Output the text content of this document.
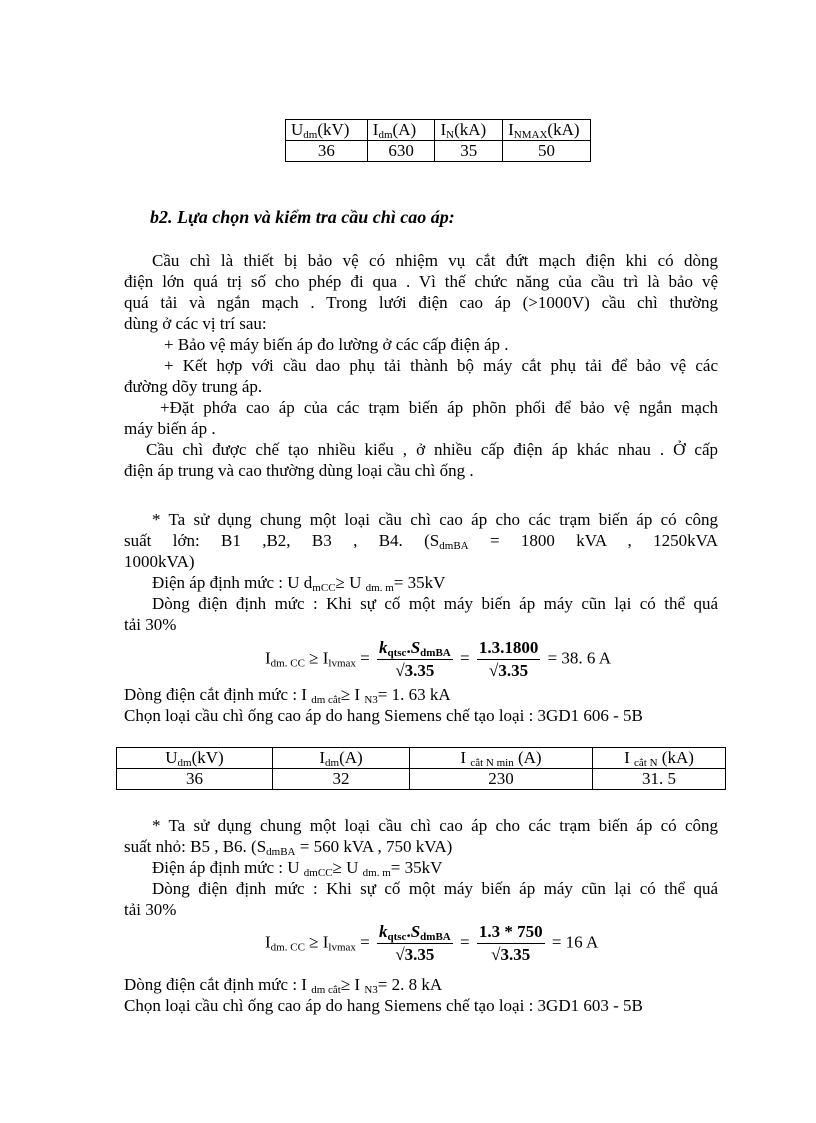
$U_{dm}(kV)$	$I_{dm}(A)$	$I_N(kA)$	$I_{NMAX}(kA)$
36	630	35	50
b2. Lựa chọn và kiểm tra cầu chì cao áp:
Cầu chì là thiết bị bảo vệ có nhiệm vụ cắt đứt mạch điện khi có dòng
điện lớn quá trị số cho phép đi qua . Vì thế chức năng của cầu trì là bảo vệ
quá tải và ngắn mạch . Trong lưới điện cao áp (>1000V) cầu chì thường
dùng ở các vị trí sau:
+ Bảo vệ máy biến áp đo lường ở các cấp điện áp .
+ Kết hợp với cầu dao phụ tải thành bộ máy cắt phụ tải để bảo vệ các
đường dõy trung áp.
+Đặt phớa cao áp của các trạm biến áp phõn phối để bảo vệ ngắn mạch
máy biến áp .
Cầu chì được chế tạo nhiều kiểu , ở nhiều cấp điện áp khác nhau . Ở cấp
điện áp trung và cao thường dùng loại cầu chì ống .
* Ta sử dụng chung một loại cầu chì cao áp cho các trạm biến áp có công
suất lớn: B1 ,B2, B3 , B4. ($S_{dmBA} = 1800$ kVA , 1250kVA
1000kVA)
Điện áp định mức : U $d_{mCC}\ge U$ $_{dm. m}$= 35kV
Dòng điện định mức : Khi sự cố một máy biến áp máy cũn lại có thể quá
tải 30%
$I_{dm. CC} \ge I_{lvmax} = \frac{k_{qtsc}.S_{dmBA}}{√3.35} = \frac{1.3.1800}{√3.35} = 38$. 6 A
Dòng điện cắt định mức : I $_{dm cắt}$≥ I $_{N3}$= 1. 63 kA
Chọn loại cầu chì ống cao áp do hang Siemens chế tạo loại : 3GD1 606 - 5B
$U_{dm}(kV)$	$I_{dm}(A)$	I $_{cắt N min}$ (A)	I $_{cắt N}$ (kA)
36	32	230	31. 5
* Ta sử dụng chung một loại cầu chì cao áp cho các trạm biến áp có công
suất nhỏ: B5 , B6. ($S_{dmBA} = 560$ kVA , 750 kVA)
Điện áp định mức : U $_{dmCC}$≥ U $_{dm. m}$= 35kV
Dòng điện định mức : Khi sự cố một máy biến áp máy cũn lại có thể quá
tải 30%
$I_{dm. CC} \ge I_{lvmax} = \frac{k_{qtsc}.S_{dmBA}}{√3.35} = \frac{1.3 * 750}{√3.35} = 16$ A
Dòng điện cắt định mức : I $_{dm cắt}$≥ I $_{N3}$= 2. 8 kA
Chọn loại cầu chì ống cao áp do hang Siemens chế tạo loại : 3GD1 603 - 5B
